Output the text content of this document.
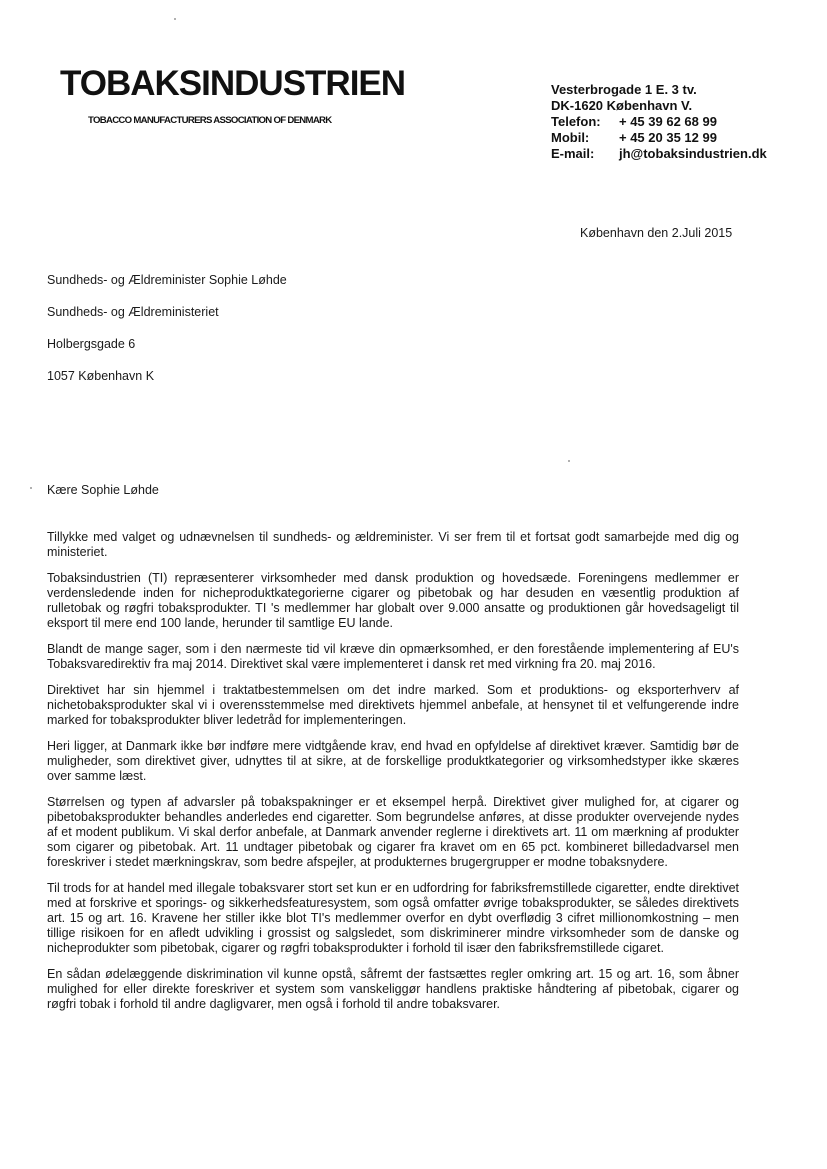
TOBAKSINDUSTRIEN
TOBACCO MANUFACTURERS ASSOCIATION OF DENMARK
Vesterbrogade 1 E. 3 tv.
DK-1620 København V.
Telefon: + 45 39 62 68 99
Mobil: + 45 20 35 12 99
E-mail: jh@tobaksindustrien.dk
København den 2.Juli 2015
Sundheds- og Ældreminister Sophie Løhde
Sundheds- og Ældreministeriet
Holbergsgade 6
1057 København K
Kære Sophie Løhde

Tillykke med valget og udnævnelsen til sundheds- og ældreminister. Vi ser frem til et fortsat godt samarbejde med dig og ministeriet.

Tobaksindustrien (TI) repræsenterer virksomheder med dansk produktion og hovedsæde. Foreningens medlemmer er verdensledende inden for nicheproduktkategorierne cigarer og pibetobak og har desuden en væsentlig produktion af rulletobak og røgfri tobaksprodukter. TI 's medlemmer har globalt over 9.000 ansatte og produktionen går hovedsageligt til eksport til mere end 100 lande, herunder til samtlige EU lande.

Blandt de mange sager, som i den nærmeste tid vil kræve din opmærksomhed, er den forestående implementering af EU's Tobaksvaredirektiv fra maj 2014. Direktivet skal være implementeret i dansk ret med virkning fra 20. maj 2016.

Direktivet har sin hjemmel i traktatbestemmelsen om det indre marked. Som et produktions- og eksporterhverv af nichetobaksprodukter skal vi i overensstemmelse med direktivets hjemmel anbefale, at hensynet til et velfungerende indre marked for tobaksprodukter bliver ledetråd for implementeringen.

Heri ligger, at Danmark ikke bør indføre mere vidtgående krav, end hvad en opfyldelse af direktivet kræver. Samtidig bør de muligheder, som direktivet giver, udnyttes til at sikre, at de forskellige produktkategorier og virksomhedstyper ikke skæres over samme læst.

Størrelsen og typen af advarsler på tobakspakninger er et eksempel herpå. Direktivet giver mulighed for, at cigarer og pibetobaksprodukter behandles anderledes end cigaretter. Som begrundelse anføres, at disse produkter overvejende nydes af et modent publikum. Vi skal derfor anbefale, at Danmark anvender reglerne i direktivets art. 11 om mærkning af produkter som cigarer og pibetobak. Art. 11 undtager pibetobak og cigarer fra kravet om en 65 pct. kombineret billedadvarsel men foreskriver i stedet mærkningskrav, som bedre afspejler, at produkternes brugergrupper er modne tobaksnydere.

Til trods for at handel med illegale tobaksvarer stort set kun er en udfordring for fabriksfremstillede cigaretter, endte direktivet med at forskrive et sporings- og sikkerhedsfeaturesystem, som også omfatter øvrige tobaksprodukter, se således direktivets art. 15 og art. 16. Kravene her stiller ikke blot TI's medlemmer overfor en dybt overflødig 3 cifret millionomkostning – men tillige risikoen for en afledt udvikling i grossist og salgsledet, som diskriminerer mindre virksomheder som de danske og nicheprodukter som pibetobak, cigarer og røgfri tobaksprodukter i forhold til især den fabriksfremstillede cigaret.

En sådan ødelæggende diskrimination vil kunne opstå, såfremt der fastsættes regler omkring art. 15 og art. 16, som åbner mulighed for eller direkte foreskriver et system som vanskeliggør handlens praktiske håndtering af pibetobak, cigarer og røgfri tobak i forhold til andre dagligvarer, men også i forhold til andre tobaksvarer.
